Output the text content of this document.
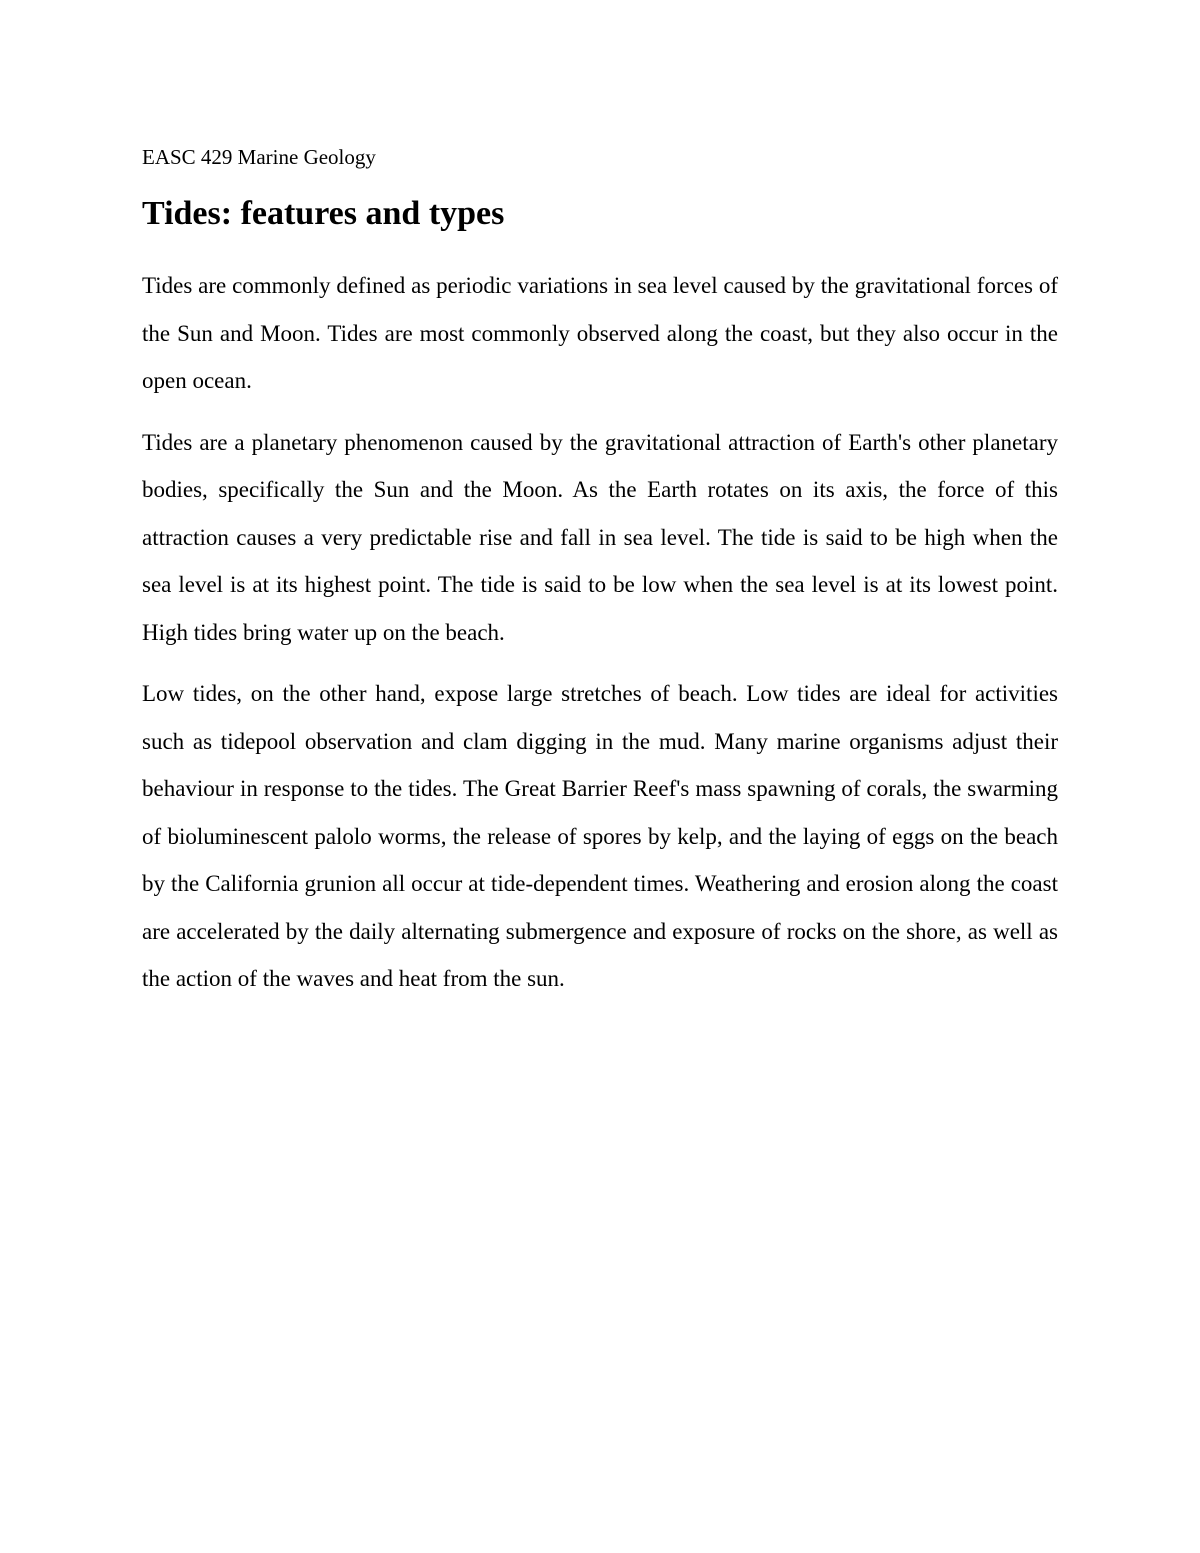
EASC 429 Marine Geology
Tides: features and types

Tides are commonly defined as periodic variations in sea level caused by the gravitational forces of the Sun and Moon. Tides are most commonly observed along the coast, but they also occur in the open ocean.

Tides are a planetary phenomenon caused by the gravitational attraction of Earth's other planetary bodies, specifically the Sun and the Moon. As the Earth rotates on its axis, the force of this attraction causes a very predictable rise and fall in sea level. The tide is said to be high when the sea level is at its highest point. The tide is said to be low when the sea level is at its lowest point. High tides bring water up on the beach.

Low tides, on the other hand, expose large stretches of beach. Low tides are ideal for activities such as tidepool observation and clam digging in the mud. Many marine organisms adjust their behaviour in response to the tides. The Great Barrier Reef's mass spawning of corals, the swarming of bioluminescent palolo worms, the release of spores by kelp, and the laying of eggs on the beach by the California grunion all occur at tide-dependent times. Weathering and erosion along the coast are accelerated by the daily alternating submergence and exposure of rocks on the shore, as well as the action of the waves and heat from the sun.
